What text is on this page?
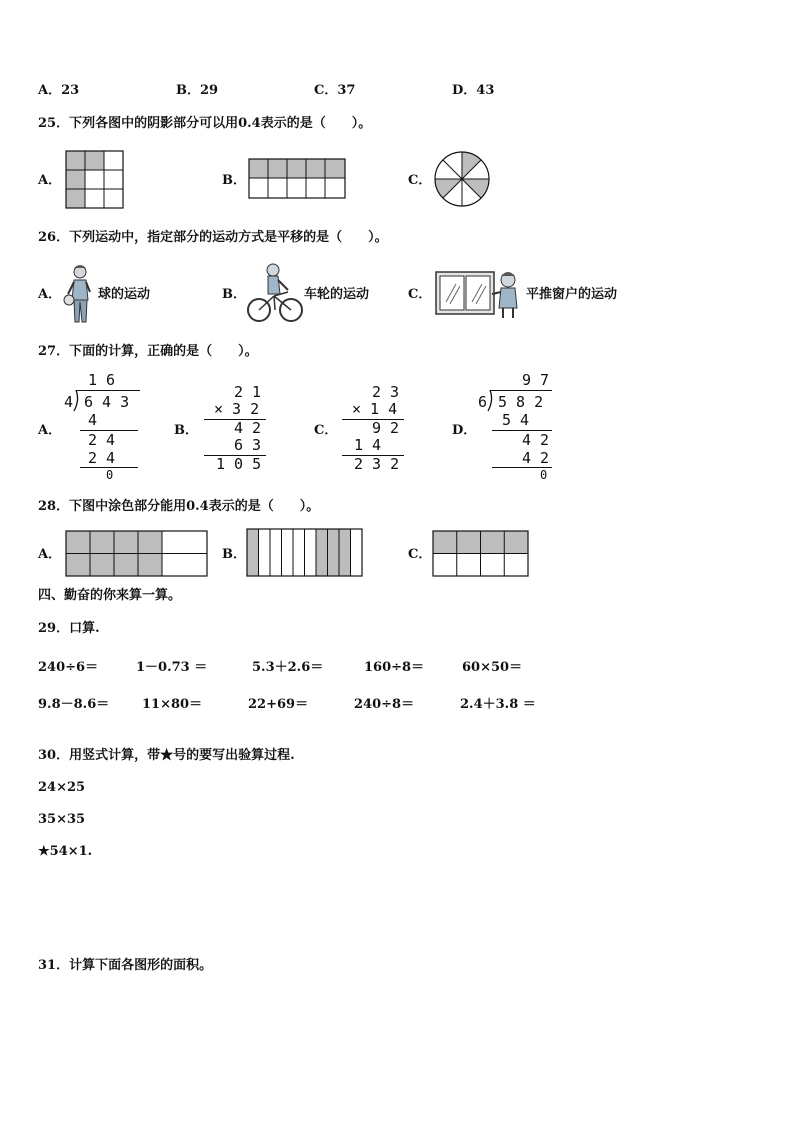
A．23	B．29	C．37	D．43
25．下列各图中的阴影部分可以用0.4表示的是（　　）。
A．	B．	C．
26．下列运动中，指定部分的运动方式是平移的是（　　）。
A．	B．	C．
球的运动	车轮的运动	平推窗户的运动
27．下面的计算，正确的是（　　）。
A．	B．	C．	D．
1 6
4 6 4 3
4
2 4
2 4
0
2 1
× 3 2
4 2
6 3
1 0 5
2 3
× 1 4
9 2
1 4
2 3 2
9 7
6 5 8 2
5 4
4 2
4 2
0
28．下图中涂色部分能用0.4表示的是（　　）。
A．	B．	C．
四、勤奋的你来算一算。
29．口算.
240÷6＝	1－0.73 ＝	5.3＋2.6＝	160÷8＝	60×50＝
9.8－8.6＝	11×80＝	22+69＝	240÷8＝	2.4＋3.8 ＝
30．用竖式计算，带★号的要写出验算过程.
24×25
35×35
★54×1.
31．计算下面各图形的面积。
